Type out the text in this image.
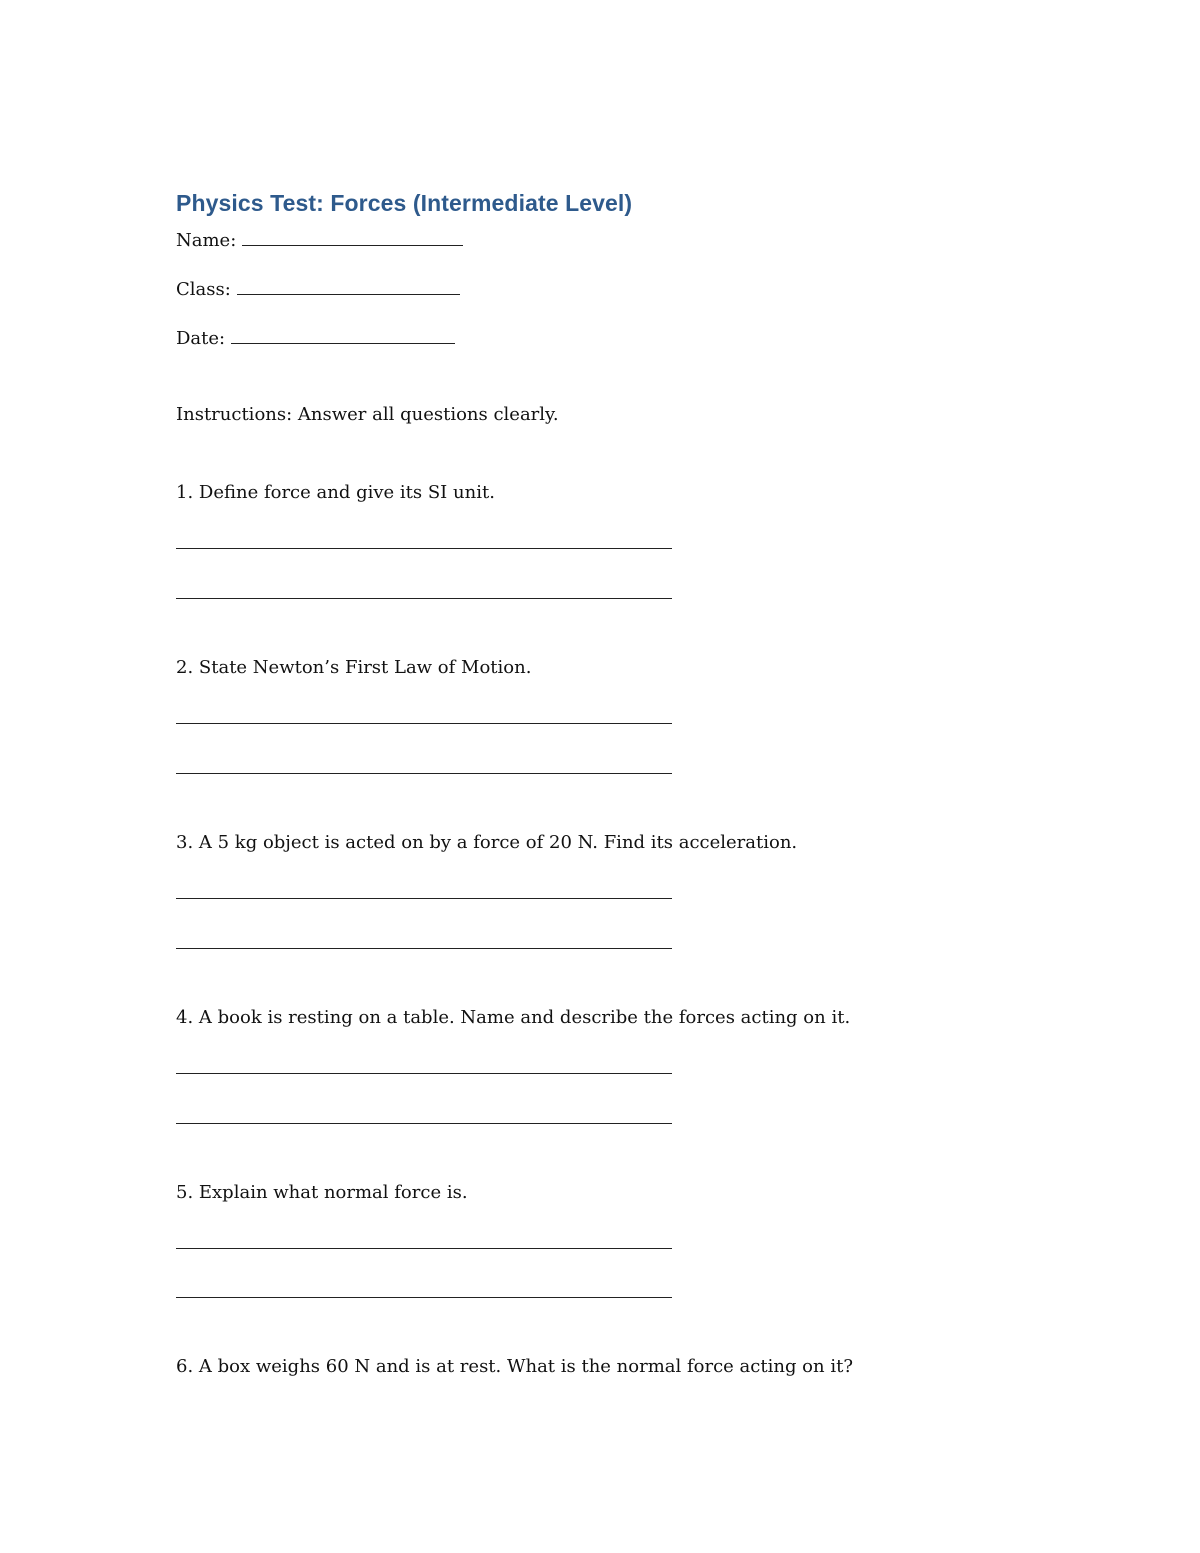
Physics Test: Forces (Intermediate Level)
Name:
Class:
Date:
Instructions: Answer all questions clearly.
1. Define force and give its SI unit.
2. State Newton’s First Law of Motion.
3. A 5 kg object is acted on by a force of 20 N. Find its acceleration.
4. A book is resting on a table. Name and describe the forces acting on it.
5. Explain what normal force is.
6. A box weighs 60 N and is at rest. What is the normal force acting on it?
